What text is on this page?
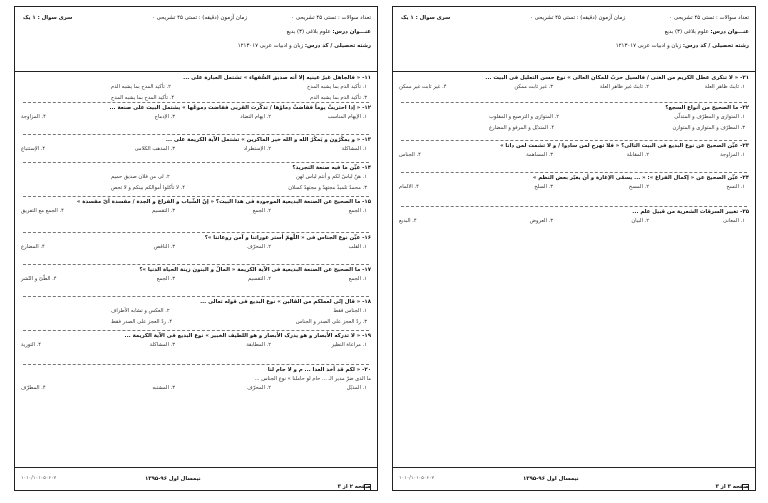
تعداد سوالات : تستی ۴۵ تشریحی ۰
زمان آزمون (دقیقه) : تستی ۴۵ تشریحی ۰
سری سوال : ۱ یک
عنـــوان درس: علوم بلاغی (۳) بدیع
رشته تحصیلی / کد درس: زبان و ادبیات عربی ۱۲۱۳۰۱۷
۱۱- « فالجاهل غیرٌ عینیه إلا أنه صدیق السُّفهاء » تشتمل العبارة علی ...
۱. تأکید الذم بما یشبه المدح
۲. تأکید المدح بما یشبه الذم
۳. تأکید الذم بما یشبه الذم
۴. تأکید المدح بما یشبه المدح
۱۲- « إذا احتربتْ یوماً ففاضتْ دماؤها / تذکَّرت القربی ففاضت دموعُها » یشتمل البیت علی صنعة ...
۱. الإیهام المناسب
۲. ایهام التضاد
۳. الإدماج
۴. المزاوجة
۱۳- « و یمکُرُون و یَمکُرُ الله و الله خیر الماکرین » تشتمل الآیة الکریمة علی ...
۱. المشاکلة
۲. الإستطراد
۳. المذهب الکلامی
۴. الإستتباع
۱۴- عیِّن ما فیه صنعة التجرید؟
۱. هنّ لباسٌ لکم و أنتم لباس لهن
۲. لی من فلان صدیق حمیم
۳. محمدٌ تلمیذٌ مجتهدٌ و مجتهدٌ کسلان
۴. لا تأکلوا أموالکم بینکم و لا تحص
۱۵- ما الصحیح عن الصنعة البدیعیة الموجودة فی هذا البیت؟ « إنّ الشّباب و الفراغ و الجدة / مفسدة أیّ مفسدة »
۱. الجمع
۲. الجمع
۳. التقسیم
۴. الجمع مع التفریق
۱۶- عیِّن نوع الجناس فی « اللّهمّ أستر عوراتنا و آمن روعاتنا »؟
۱. القلب
۲. المحرّف
۳. الناقص
۴. المضارع
۱۷- ما الصحیح عن الصنعة البدیعیة فی الآیة الکریمة « المالُ و البنون زینة الحیاة الدنیا »؟
۱. الجمع
۲. التقسیم
۳. الجمع
۴. الطّیّ و النّشر
۱۸- « قال إنّی لعملکم من القالین » نوع البدیع فی قوله تعالی ...
۱. الجناس فقط
۲. العکس و تشابه الأطراف
۳. ردّ العجز علی الصدر و الجناس
۴. ردّ العجز علی الصدر فقط
۱۹- « لا تدرکه الأبصار و هو یدرک الأبصار و هو اللطیف الخبیر » نوع البدیع فی الآیة الکریمة ...
۱. مراعاة النظیر
۲. المطابقة
۳. المشاکلة
۴. التوریة
۲۰- « لکم قد أخذ العدا ... م و لا حام لنا
ما الذی ضرّ مدیر الـ ... حام لو حاملنا » نوع الجناس ...
۱. المذیّل
۲. المحرّف
۳. المشتبه
۴. المطرّف
صفحه ۲ از ۳
نیمسال اول ۹۶-۱۳۹۵
۱۰۱۰/۱۰۱۰۵۰۶۰۷
تعداد سوالات : تستی ۴۵ تشریحی ۰
زمان آزمون (دقیقه) : تستی ۴۵ تشریحی ۰
سری سوال : ۱ یک
عنـــوان درس: علوم بلاغی (۳) بدیع
رشته تحصیلی / کد درس: زبان و ادبیات عربی ۱۲۱۳۰۱۷
۲۱- « لا تنکری عطل الکریم من الغنی / فالسیل حربٌ للمکان العالی » نوع حسن التعلیل فی البیت ...
۱. ثابتٌ ظاهر العلة
۲. ثابتٌ غیر ظاهر العلة
۳. غیر ثابت ممکن
۴. غیر ثابت غیر ممکن
۲۲- ما الصحیح من أنواع السجع؟
۱. المتوازی و المطرّف و المتدلّی
۲. المتوازی و الترصیع و المقلوب
۳. المطرّف و المتوازی و المتوازن
۴. المتذیّل و المرفو و المضارع
۲۳- عیِّن الصحیح عن نوع البدیع فی البیت التالی؟ « فلا تهرج لمن سادوا / و لا تشمت لمن دانا »
۱. المزاوجة
۲. المقابلة
۳. المساهمة
۴. الجناس
۲۴- عیِّن الصحیح عن « إکمال الفراغ »: « ... یسمّی الإغارة و أن یغیّر بعض النظم »
۱. النسخ
۲. المسخ
۳. السلخ
۴. الالمام
۲۵- تغییر السرقات الشعریة من قبیل علم ...
۱. المعانی
۲. البیان
۳. العروض
۴. البدیع
صفحه ۳ از ۳
نیمسال اول ۹۶-۱۳۹۵
۱۰۱۰/۱۰۱۰۵۰۶۰۷
